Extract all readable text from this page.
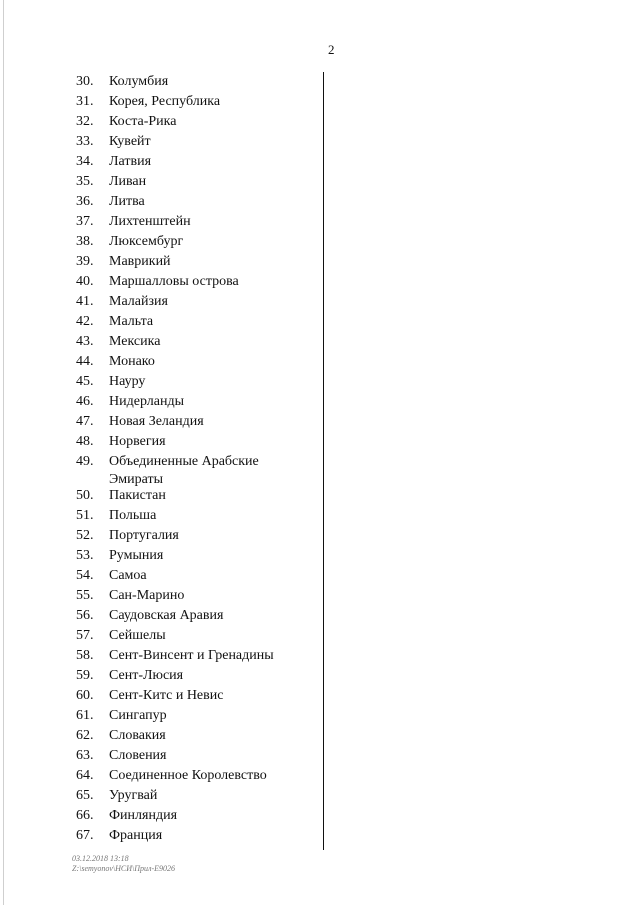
2
30. Колумбия
31. Корея, Республика
32. Коста-Рика
33. Кувейт
34. Латвия
35. Ливан
36. Литва
37. Лихтенштейн
38. Люксембург
39. Маврикий
40. Маршалловы острова
41. Малайзия
42. Мальта
43. Мексика
44. Монако
45. Науру
46. Нидерланды
47. Новая Зеландия
48. Норвегия
49. Объединенные Арабские Эмираты
50. Пакистан
51. Польша
52. Португалия
53. Румыния
54. Самоа
55. Сан-Марино
56. Саудовская Аравия
57. Сейшелы
58. Сент-Винсент и Гренадины
59. Сент-Люсия
60. Сент-Китс и Невис
61. Сингапур
62. Словакия
63. Словения
64. Соединенное Королевство
65. Уругвай
66. Финляндия
67. Франция
03.12.2018 13:18
Z:\semyonov\НСИ\Прил-Е9026
